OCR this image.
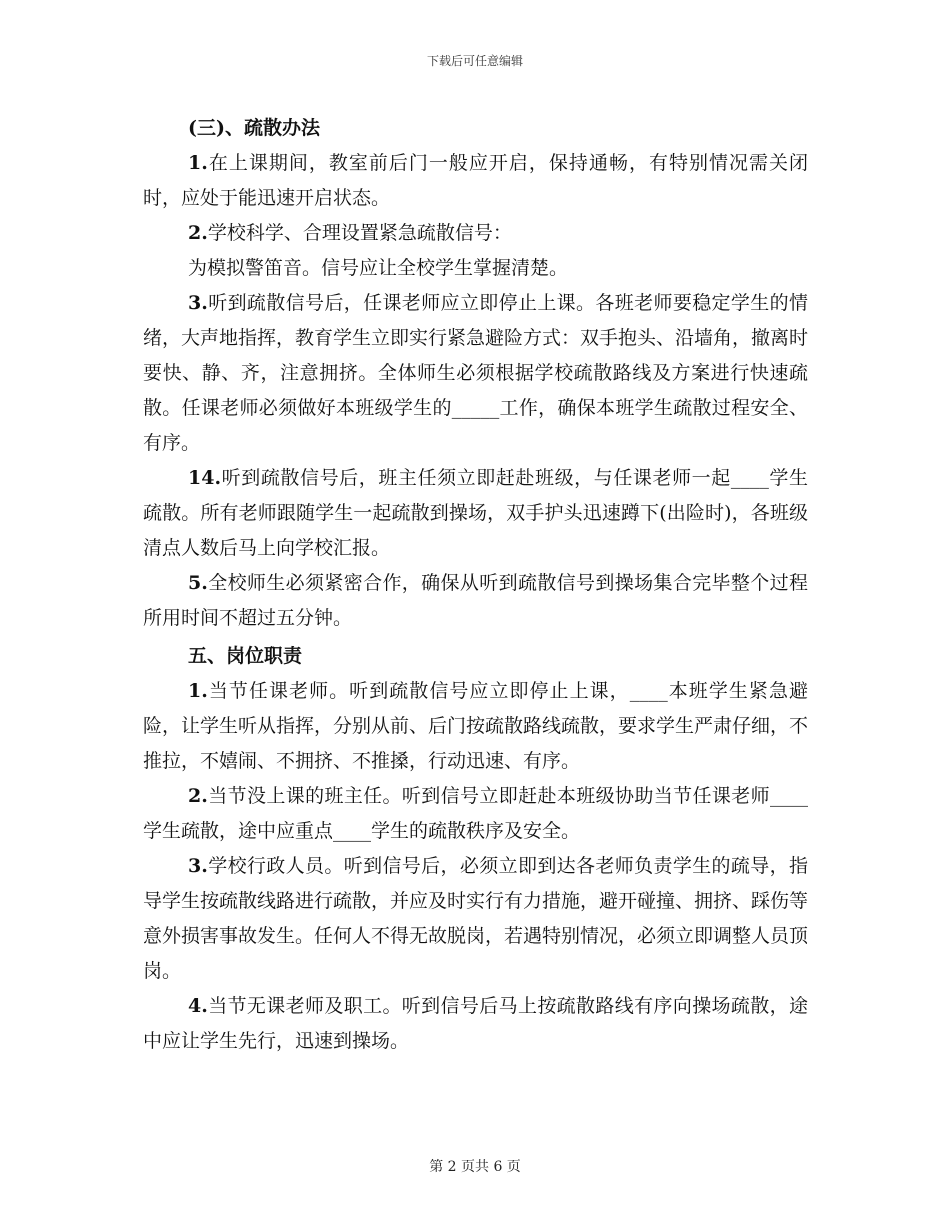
下载后可任意编辑
(三)、疏散办法

1.在上课期间，教室前后门一般应开启，保持通畅，有特别情况需关闭时，应处于能迅速开启状态。

2.学校科学、合理设置紧急疏散信号：

为模拟警笛音。信号应让全校学生掌握清楚。

3.听到疏散信号后，任课老师应立即停止上课。各班老师要稳定学生的情绪，大声地指挥，教育学生立即实行紧急避险方式：双手抱头、沿墙角，撤离时要快、静、齐，注意拥挤。全体师生必须根据学校疏散路线及方案进行快速疏散。任课老师必须做好本班级学生的_____工作，确保本班学生疏散过程安全、有序。

14.听到疏散信号后，班主任须立即赶赴班级，与任课老师一起____学生疏散。所有老师跟随学生一起疏散到操场，双手护头迅速蹲下(出险时)，各班级清点人数后马上向学校汇报。

5.全校师生必须紧密合作，确保从听到疏散信号到操场集合完毕整个过程所用时间不超过五分钟。

五、岗位职责

1.当节任课老师。听到疏散信号应立即停止上课，____本班学生紧急避险，让学生听从指挥，分别从前、后门按疏散路线疏散，要求学生严肃仔细，不推拉，不嬉闹、不拥挤、不推搡，行动迅速、有序。

2.当节没上课的班主任。听到信号立即赶赴本班级协助当节任课老师____学生疏散，途中应重点____学生的疏散秩序及安全。

3.学校行政人员。听到信号后，必须立即到达各老师负责学生的疏导，指导学生按疏散线路进行疏散，并应及时实行有力措施，避开碰撞、拥挤、踩伤等意外损害事故发生。任何人不得无故脱岗，若遇特别情况，必须立即调整人员顶岗。

4.当节无课老师及职工。听到信号后马上按疏散路线有序向操场疏散，途中应让学生先行，迅速到操场。

第 2 页共 6 页
